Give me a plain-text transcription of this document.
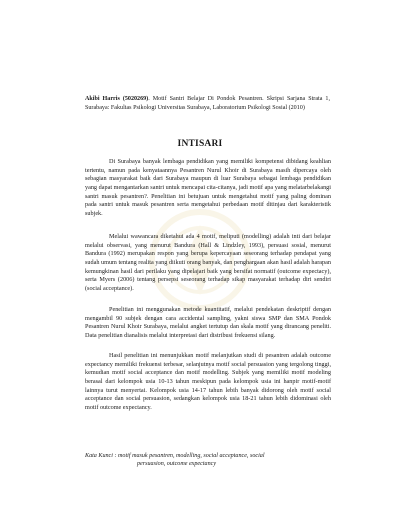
Akibi Harris (5020269). Motif Santri Belajar Di Pondok Pesantren. Skripsi Sarjana Strata 1, Surabaya: Fakultas Psikologi Universitas Surabaya, Laboratorium Psikologi Sosial (2010)
INTISARI

Di Surabaya banyak lembaga pendidikan yang memiliki kompetensi dibidang keahlian tertentu, namun pada kenyataannya Pesantren Nurul Khoir di Surabaya masih dipercaya oleh sebagian masyarakat baik dari Surabaya maupun di luar Surabaya sebagai lembaga pendidikan yang dapat mengantarkan santri untuk mencapai cita-citanya, jadi motif apa yang melatarbelakangi santri masuk pesantren?. Penelitian ini betujuan untuk mengetahui motif yang paling dominan pada santri untuk masuk pesantren serta mengetahui perbedaan motif ditinjau dari karakteristik subjek.

Melalui wawancara diketahui ada 4 motif, meliputi (modelling) adalah inti dari belajar melalui observasi, yang menurut Bandura (Hall & Lindzley, 1993), persuasi sosial, menurut Bandura (1992) merupakan respon yang berupa kepercayaan seseorang terhadap pendapat yang sudah umum tentang realita yang diikuti orang banyak, dan penghargaan akan hasil adalah harapan kemungkinan hasil dari perilaku yang dipelajari baik yang bersifat normatif (outcome expectacy), serta Myers (2006) tentang persepsi seseorang terhadap sikap masyarakat terhadap diri sendiri (social acceptance).

Penelitian ini menggunakan metode kuantitatif, melalui pendekatan deskriptif dengan mengambil 90 subjek dengan cara accidental sampling, yakni siswa SMP dan SMA Pondok Pesantren Nurul Khoir Surabaya, melalui angket tertutup dan skala motif yang dirancang peneliti. Data penelitian dianalisis melalui interpretasi dari distribusi frekuensi silang.

Hasil penelitian ini menunjukkan motif melanjutkan studi di pesantren adalah outcome expectancy memiliki frekuensi terbesar, selanjutnya motif social persuasion yang tergolong tinggi, kemudian motif social acceptance dan motif modelling. Subjek yang memiliki motif modeling berasal dari kelompok usia 10-13 tahun meskipun pada kelompok usia ini hanpir motif-motif lainnya turut menyertai. Kelompok usia 14-17 tahun lebih banyak didorong oleh motif social acceptance dan social persuasion, sedangkan kelompok usia 18-21 tahun lebih didominasi oleh motif outcome expectancy.

Kata Kunci : motif masuk pesantren, modelling, social acceptance, social
persuasion, outcome expectancy
